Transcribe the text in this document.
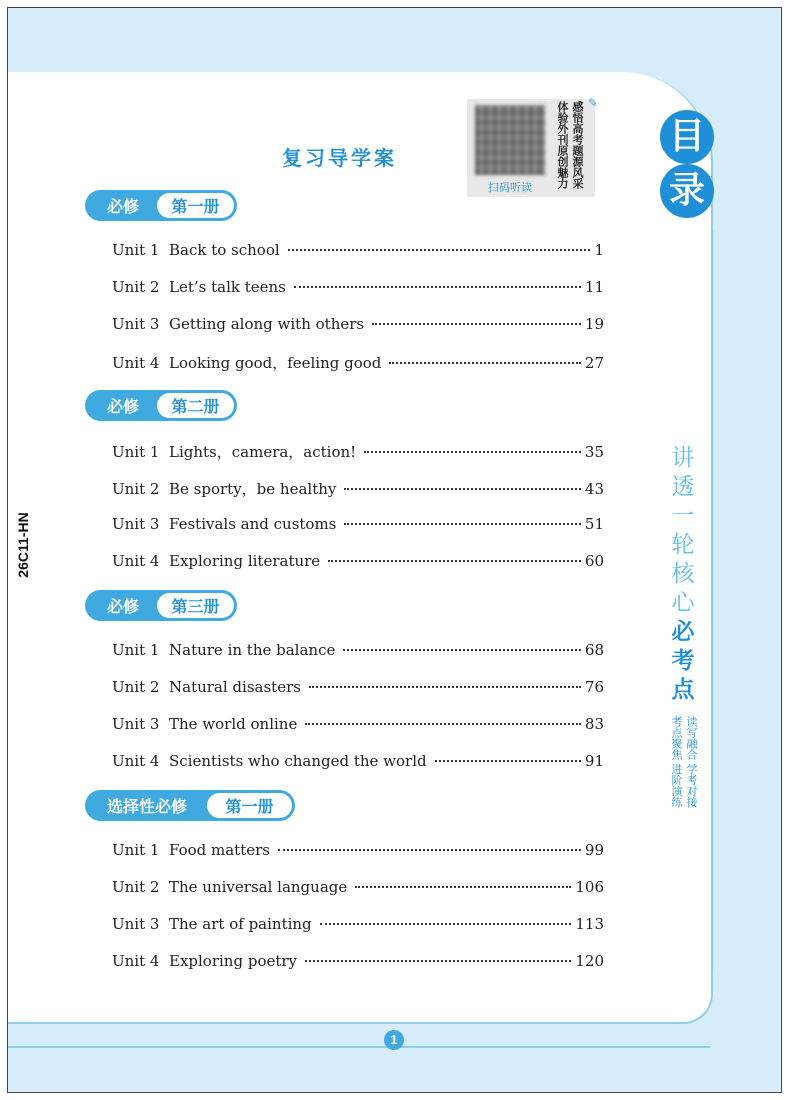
1
26C11-HN
复习导学案
扫码听读	感悟高考题源风采
体验外刊原创魅力 ✎
目
录
讲
透
一
轮
核
心
必
考
点
读写融合 学考对接
考点聚焦 进阶演练
必修	第一册
Unit 1 Back to school	1
Unit 2 Let’s talk teens	11
Unit 3 Getting along with others	19
Unit 4 Looking good，feeling good	27
必修	第二册
Unit 1 Lights，camera，action!	35
Unit 2 Be sporty，be healthy	43
Unit 3 Festivals and customs	51
Unit 4 Exploring literature	60
必修	第三册
Unit 1 Nature in the balance	68
Unit 2 Natural disasters	76
Unit 3 The world online	83
Unit 4 Scientists who changed the world	91
选择性必修	第一册
Unit 1 Food matters	99
Unit 2 The universal language	106
Unit 3 The art of painting	113
Unit 4 Exploring poetry	120
